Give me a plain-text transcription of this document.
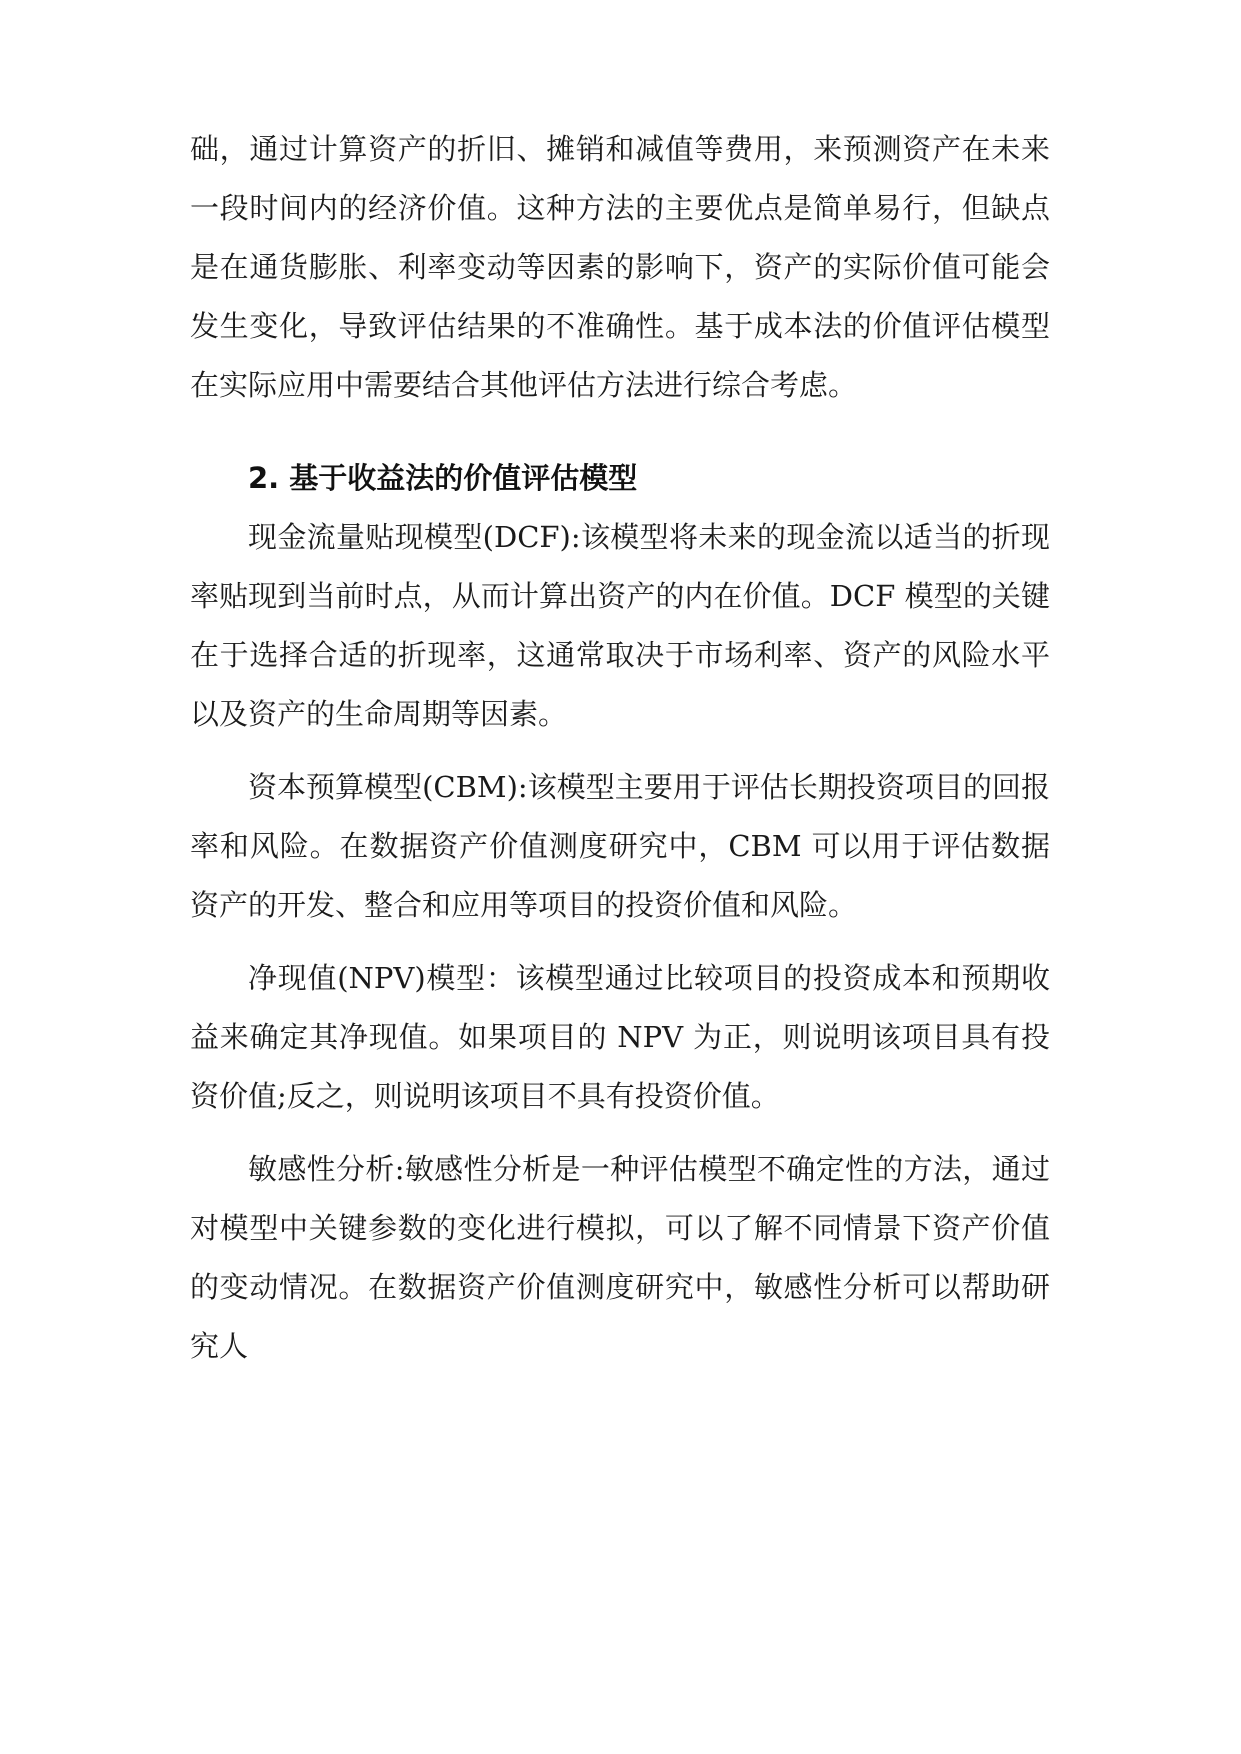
础，通过计算资产的折旧、摊销和减值等费用，来预测资产在未来一段时间内的经济价值。这种方法的主要优点是简单易行，但缺点是在通货膨胀、利率变动等因素的影响下，资产的实际价值可能会发生变化，导致评估结果的不准确性。基于成本法的价值评估模型在实际应用中需要结合其他评估方法进行综合考虑。

2. 基于收益法的价值评估模型

现金流量贴现模型(DCF):该模型将未来的现金流以适当的折现率贴现到当前时点，从而计算出资产的内在价值。DCF 模型的关键在于选择合适的折现率，这通常取决于市场利率、资产的风险水平以及资产的生命周期等因素。

资本预算模型(CBM):该模型主要用于评估长期投资项目的回报率和风险。在数据资产价值测度研究中，CBM 可以用于评估数据资产的开发、整合和应用等项目的投资价值和风险。

净现值(NPV)模型：该模型通过比较项目的投资成本和预期收益来确定其净现值。如果项目的 NPV 为正，则说明该项目具有投资价值;反之，则说明该项目不具有投资价值。

敏感性分析:敏感性分析是一种评估模型不确定性的方法，通过对模型中关键参数的变化进行模拟，可以了解不同情景下资产价值的变动情况。在数据资产价值测度研究中，敏感性分析可以帮助研究人
